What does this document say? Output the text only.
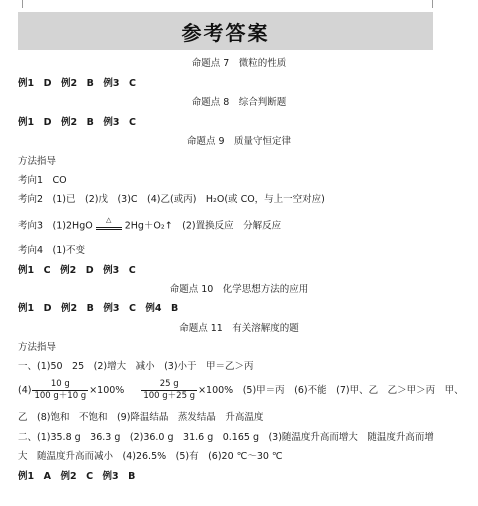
参考答案
命题点 7　微粒的性质
例1　D　例2　B　例3　C
命题点 8　综合判断题
例1　D　例2　B　例3　C
命题点 9　质量守恒定律
方法指导
考向1　CO
考向2　(1)已　(2)戊　(3)C　(4)乙(或丙)　H₂O(或 CO，与上一空对应)
考向3　(1)2HgO
△
2Hg＋O₂↑　(2)置换反应　分解反应
考向4　(1)不变
例1　C　例2　D　例3　C
命题点 10　化学思想方法的应用
例1　D　例2　B　例3　C　例4　B
命题点 11　有关溶解度的题
方法指导
一、(1)50　25　(2)增大　减小　(3)小于　甲＝乙＞丙
$(4) \frac{10 g}{100 g+10 g} \times 100\% \frac{25 g}{100 g+25 g} \times 100\%$　(5)甲＝丙　(6)不能　(7)甲、乙　乙＞甲＞丙　甲、
乙　(8)饱和　不饱和　(9)降温结晶　蒸发结晶　升高温度
二、(1)35.8 g　36.3 g　(2)36.0 g　31.6 g　0.165 g　(3)随温度升高而增大　随温度升高而增
大　随温度升高而减小　(4)26.5%　(5)有　(6)20 ℃～30 ℃
例1　A　例2　C　例3　B
